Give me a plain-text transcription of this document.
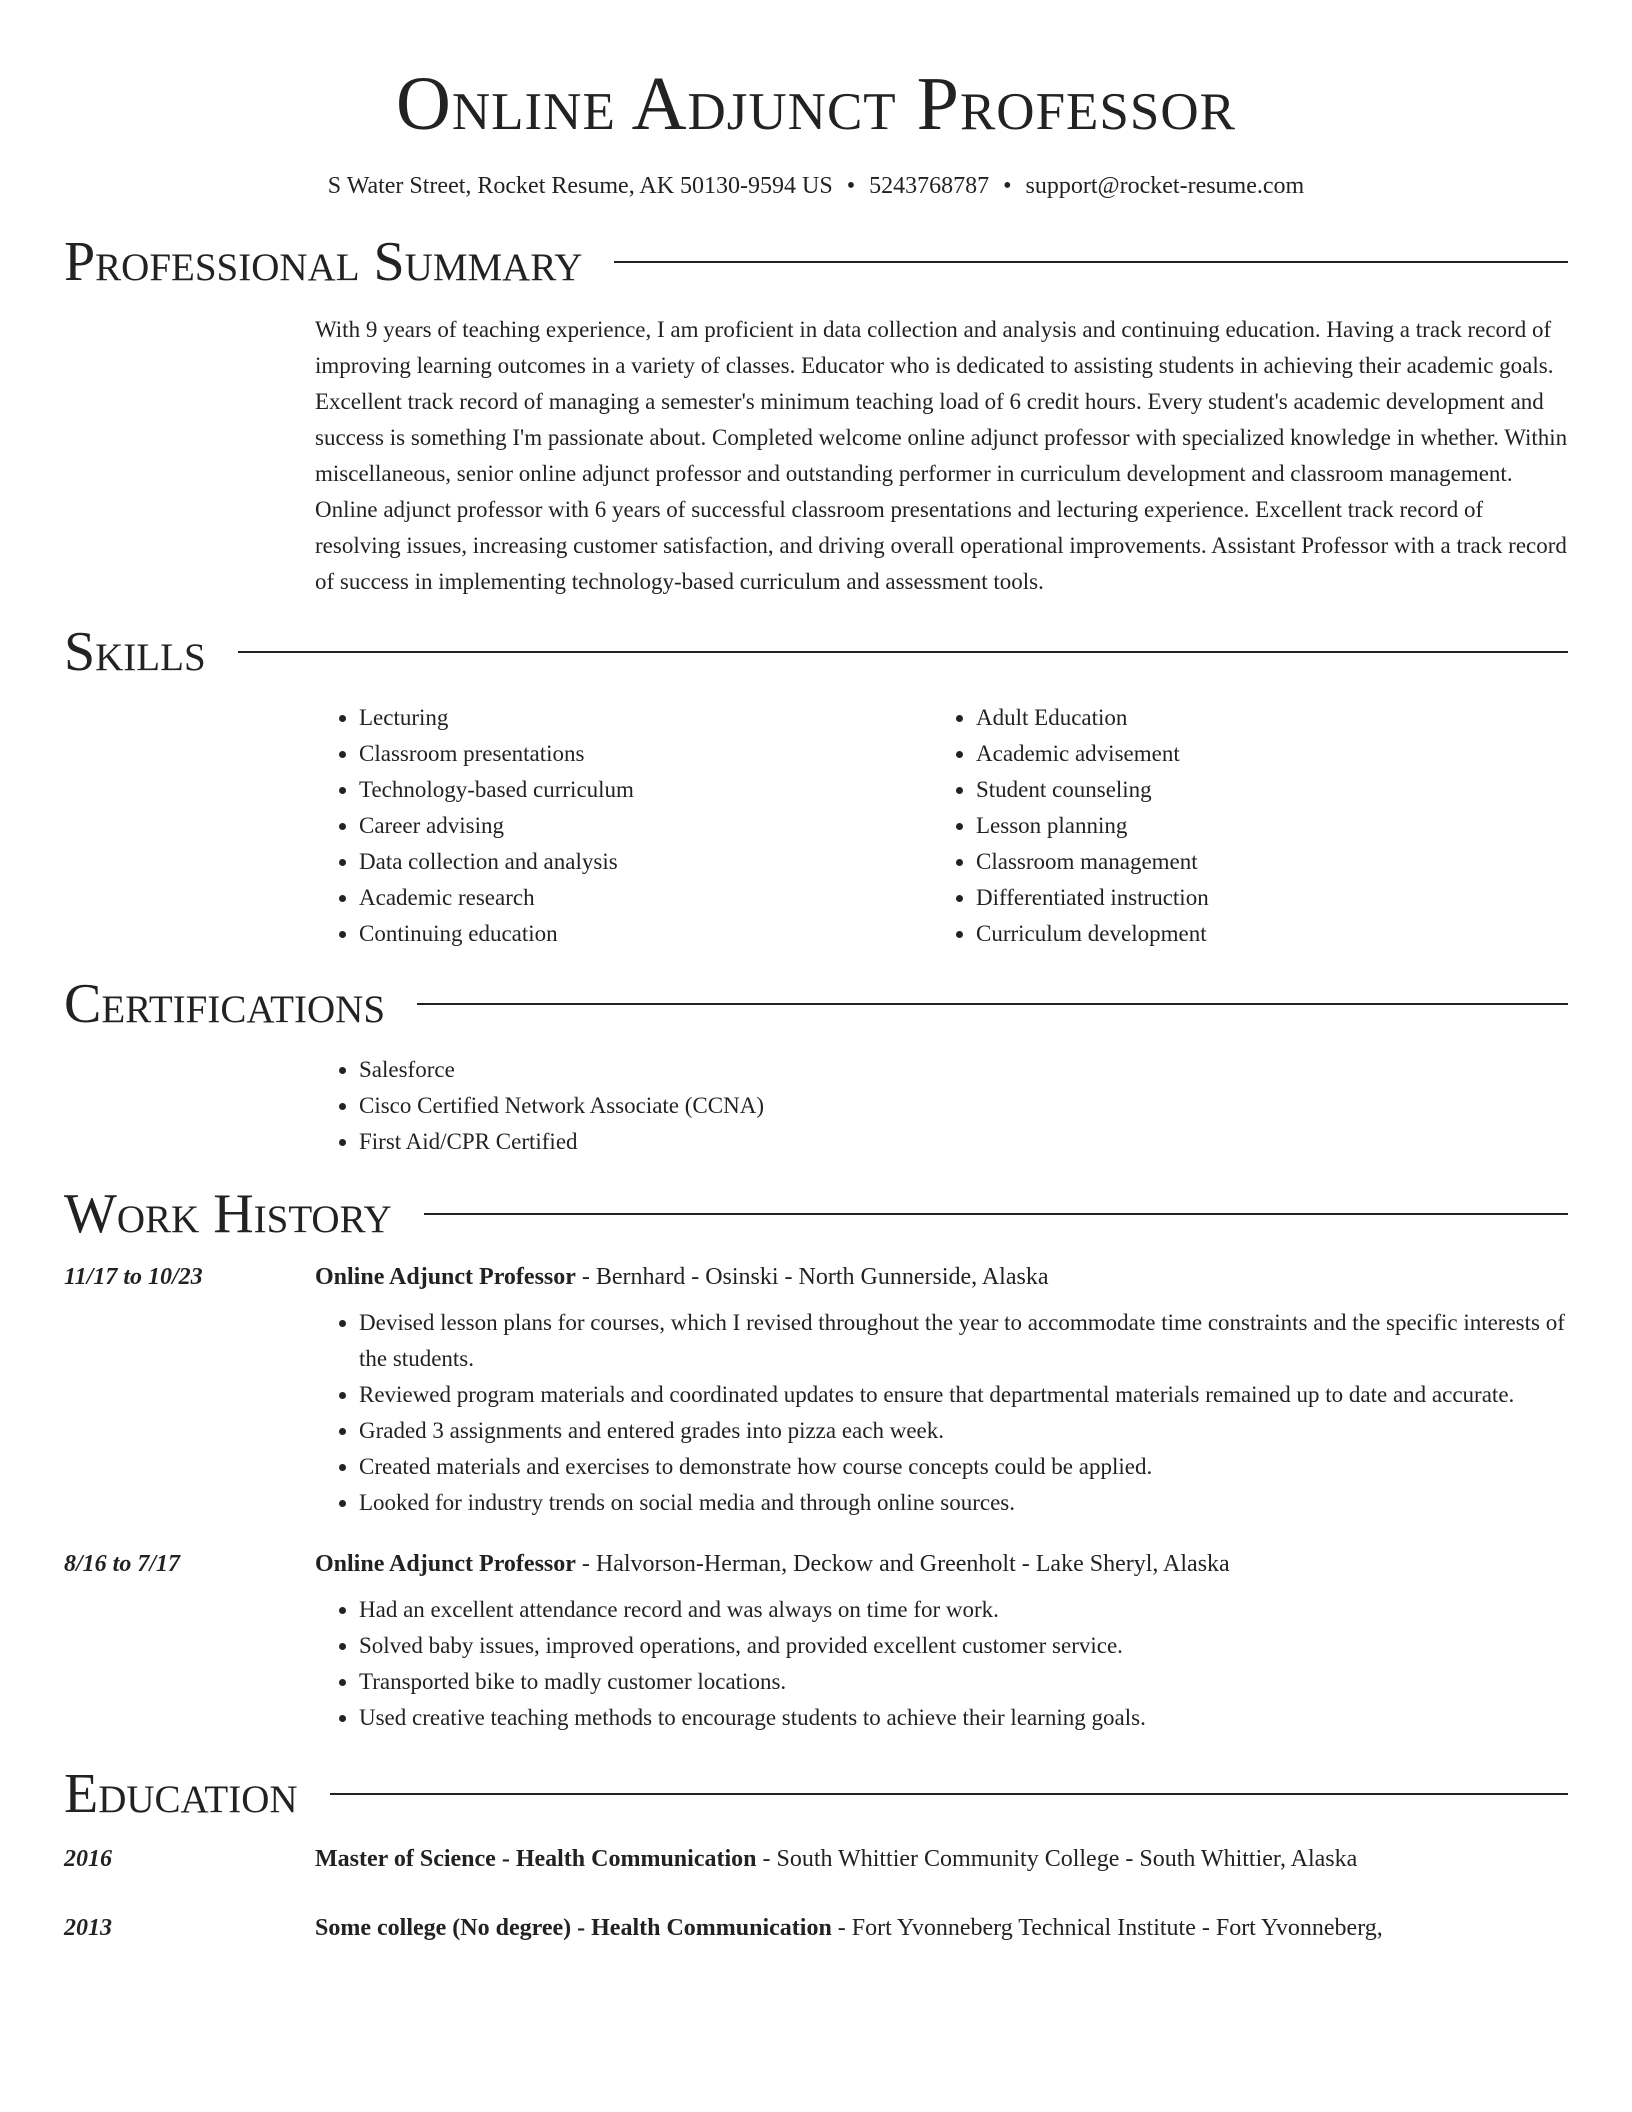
Online Adjunct Professor
S Water Street, Rocket Resume, AK 50130-9594 US • 5243768787 • support@rocket-resume.com
Professional Summary

With 9 years of teaching experience, I am proficient in data collection and analysis and continuing education. Having a track record of improving learning outcomes in a variety of classes. Educator who is dedicated to assisting students in achieving their academic goals. Excellent track record of managing a semester's minimum teaching load of 6 credit hours. Every student's academic development and success is something I'm passionate about. Completed welcome online adjunct professor with specialized knowledge in whether. Within miscellaneous, senior online adjunct professor and outstanding performer in curriculum development and classroom management. Online adjunct professor with 6 years of successful classroom presentations and lecturing experience. Excellent track record of resolving issues, increasing customer satisfaction, and driving overall operational improvements. Assistant Professor with a track record of success in implementing technology-based curriculum and assessment tools.

Skills
• Lecturing
• Classroom presentations
• Technology-based curriculum
• Career advising
• Data collection and analysis
• Academic research
• Continuing education
• Adult Education
• Academic advisement
• Student counseling
• Lesson planning
• Classroom management
• Differentiated instruction
• Curriculum development
Certifications
• Salesforce
• Cisco Certified Network Associate (CCNA)
• First Aid/CPR Certified
Work History
11/17 to 10/23	Online Adjunct Professor - Bernhard - Osinski - North Gunnerside, Alaska
• Devised lesson plans for courses, which I revised throughout the year to accommodate time constraints and the specific interests of the students.
• Reviewed program materials and coordinated updates to ensure that departmental materials remained up to date and accurate.
• Graded 3 assignments and entered grades into pizza each week.
• Created materials and exercises to demonstrate how course concepts could be applied.
• Looked for industry trends on social media and through online sources.
8/16 to 7/17	Online Adjunct Professor - Halvorson-Herman, Deckow and Greenholt - Lake Sheryl, Alaska
• Had an excellent attendance record and was always on time for work.
• Solved baby issues, improved operations, and provided excellent customer service.
• Transported bike to madly customer locations.
• Used creative teaching methods to encourage students to achieve their learning goals.
Education
2016	Master of Science - Health Communication - South Whittier Community College - South Whittier, Alaska
2013	Some college (No degree) - Health Communication - Fort Yvonneberg Technical Institute - Fort Yvonneberg,
